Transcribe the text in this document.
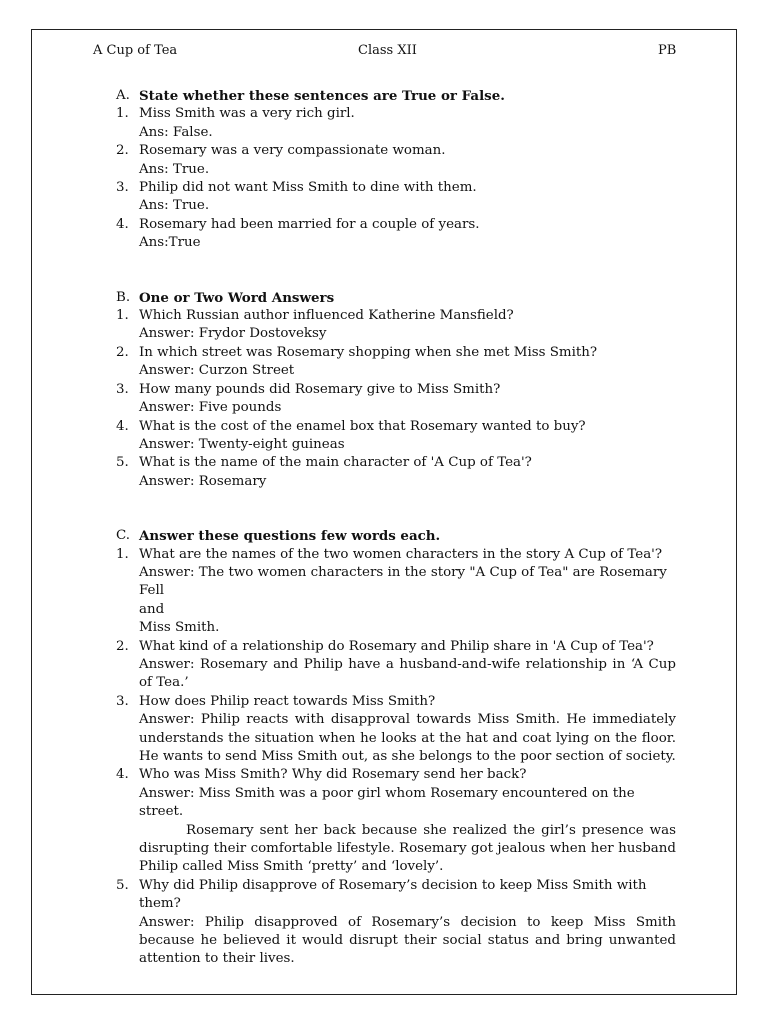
A Cup of Tea	Class XII	PB
A. State whether these sentences are True or False.
1. Miss Smith was a very rich girl.
Ans: False.
2. Rosemary was a very compassionate woman.
Ans: True.
3. Philip did not want Miss Smith to dine with them.
Ans: True.
4. Rosemary had been married for a couple of years.
Ans:True
B. One or Two Word Answers
1. Which Russian author influenced Katherine Mansfield?
Answer: Frydor Dostoveksy
2. In which street was Rosemary shopping when she met Miss Smith?
Answer: Curzon Street
3. How many pounds did Rosemary give to Miss Smith?
Answer: Five pounds
4. What is the cost of the enamel box that Rosemary wanted to buy?
Answer: Twenty-eight guineas
5. What is the name of the main character of 'A Cup of Tea'?
Answer: Rosemary
C. Answer these questions few words each.
1. What are the names of the two women characters in the story A Cup of Tea'?
Answer: The two women characters in the story "A Cup of Tea" are Rosemary Fell
and
Miss Smith.
2. What kind of a relationship do Rosemary and Philip share in 'A Cup of Tea'?
Answer: Rosemary and Philip have a husband-and-wife relationship in ‘A Cup of Tea.’
3. How does Philip react towards Miss Smith?
Answer: Philip reacts with disapproval towards Miss Smith. He immediately understands the situation when he looks at the hat and coat lying on the floor. He wants to send Miss Smith out, as she belongs to the poor section of society.
4. Who was Miss Smith? Why did Rosemary send her back?
Answer: Miss Smith was a poor girl whom Rosemary encountered on the street.
Rosemary sent her back because she realized the girl’s presence was disrupting their comfortable lifestyle. Rosemary got jealous when her husband Philip called Miss Smith ‘pretty’ and ‘lovely’.
5. Why did Philip disapprove of Rosemary’s decision to keep Miss Smith with them?
Answer: Philip disapproved of Rosemary’s decision to keep Miss Smith because he believed it would disrupt their social status and bring unwanted attention to their lives.
